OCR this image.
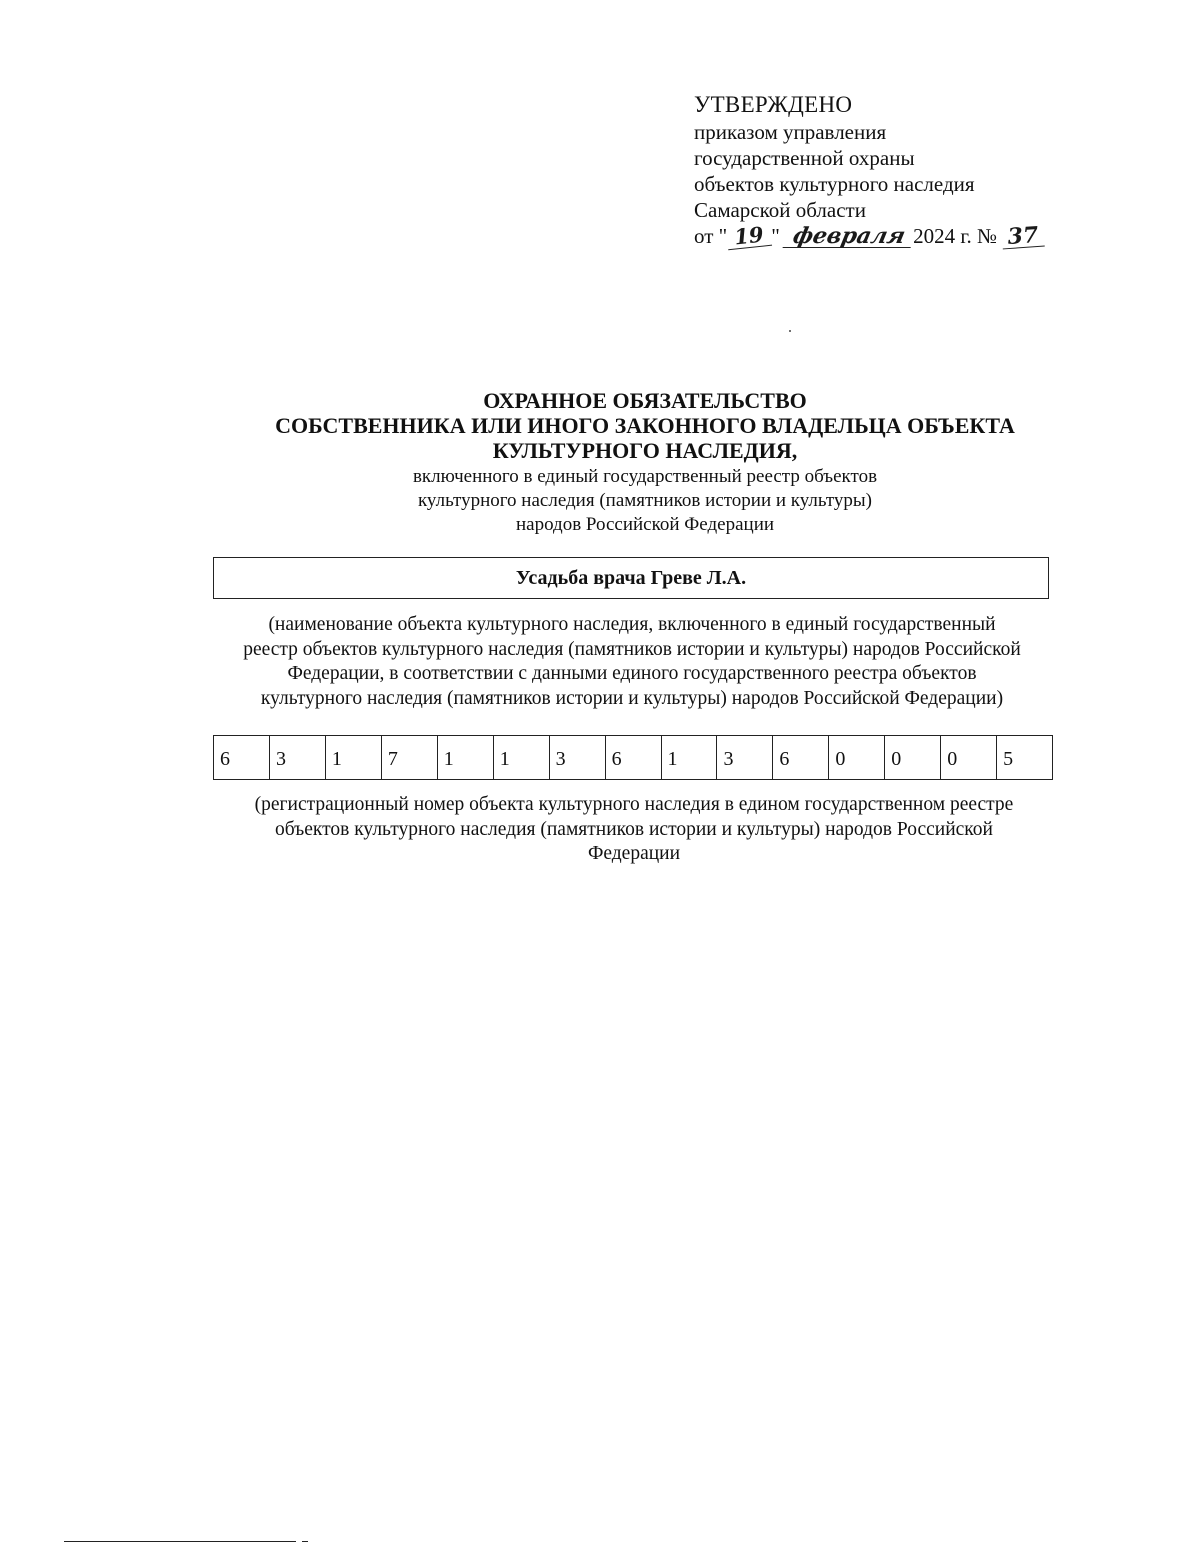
УТВЕРЖДЕНО
приказом управления
государственной охраны
объектов культурного наследия
Самарской области
от " 19 " февраля 2024 г. № 37
ОХРАННОЕ ОБЯЗАТЕЛЬСТВО
СОБСТВЕННИКА ИЛИ ИНОГО ЗАКОННОГО ВЛАДЕЛЬЦА ОБЪЕКТА
КУЛЬТУРНОГО НАСЛЕДИЯ,
включенного в единый государственный реестр объектов
культурного наследия (памятников истории и культуры)
народов Российской Федерации
Усадьба врача Греве Л.А.
(наименование объекта культурного наследия, включенного в единый государственный
реестр объектов культурного наследия (памятников истории и культуры) народов Российской
Федерации, в соответствии с данными единого государственного реестра объектов
культурного наследия (памятников истории и культуры) народов Российской Федерации)
6	3	1	7	1	1	3	6	1	3	6	0	0	0	5
(регистрационный номер объекта культурного наследия в едином государственном реестре
объектов культурного наследия (памятников истории и культуры) народов Российской
Федерации
